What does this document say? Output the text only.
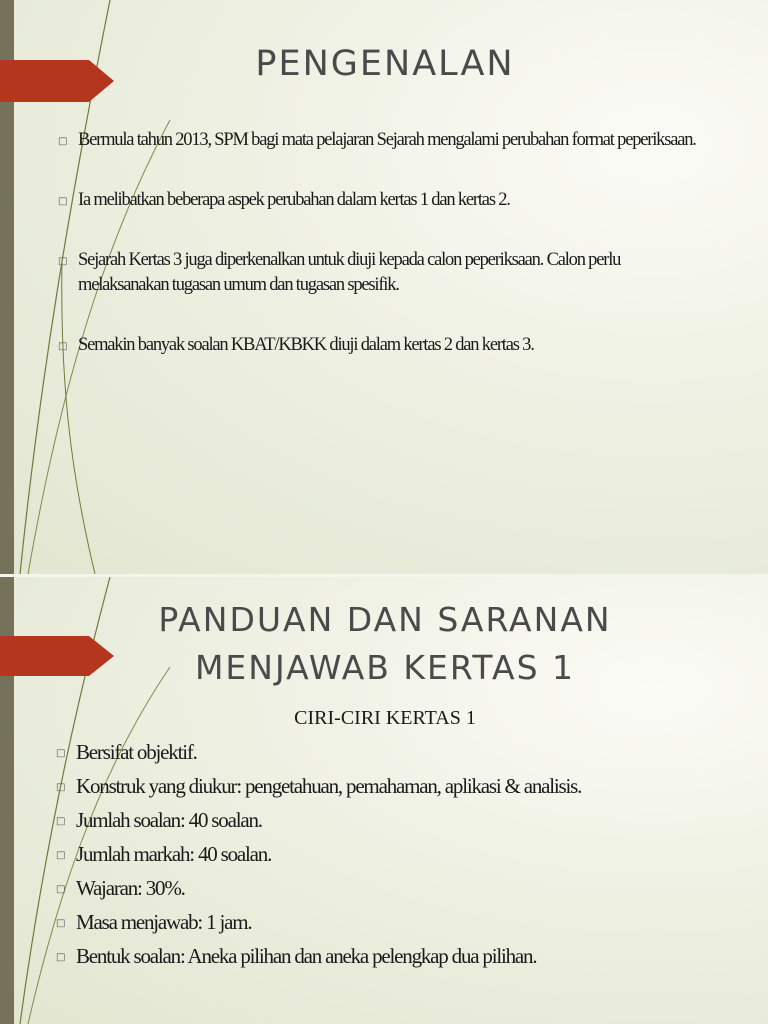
PENGENALAN
□ Bermula tahun 2013, SPM bagi mata pelajaran Sejarah mengalami perubahan format peperiksaan.
□ Ia melibatkan beberapa aspek perubahan dalam kertas 1 dan kertas 2.
□ Sejarah Kertas 3 juga diperkenalkan untuk diuji kepada calon peperiksaan. Calon perlu melaksanakan tugasan umum dan tugasan spesifik.
□ Semakin banyak soalan KBAT/KBKK diuji dalam kertas 2 dan kertas 3.
PANDUAN DAN SARANAN
MENJAWAB KERTAS 1
CIRI-CIRI KERTAS 1
□ Bersifat objektif.
□ Konstruk yang diukur: pengetahuan, pemahaman, aplikasi & analisis.
□ Jumlah soalan: 40 soalan.
□ Jumlah markah: 40 soalan.
□ Wajaran: 30%.
□ Masa menjawab: 1 jam.
□ Bentuk soalan: Aneka pilihan dan aneka pelengkap dua pilihan.
